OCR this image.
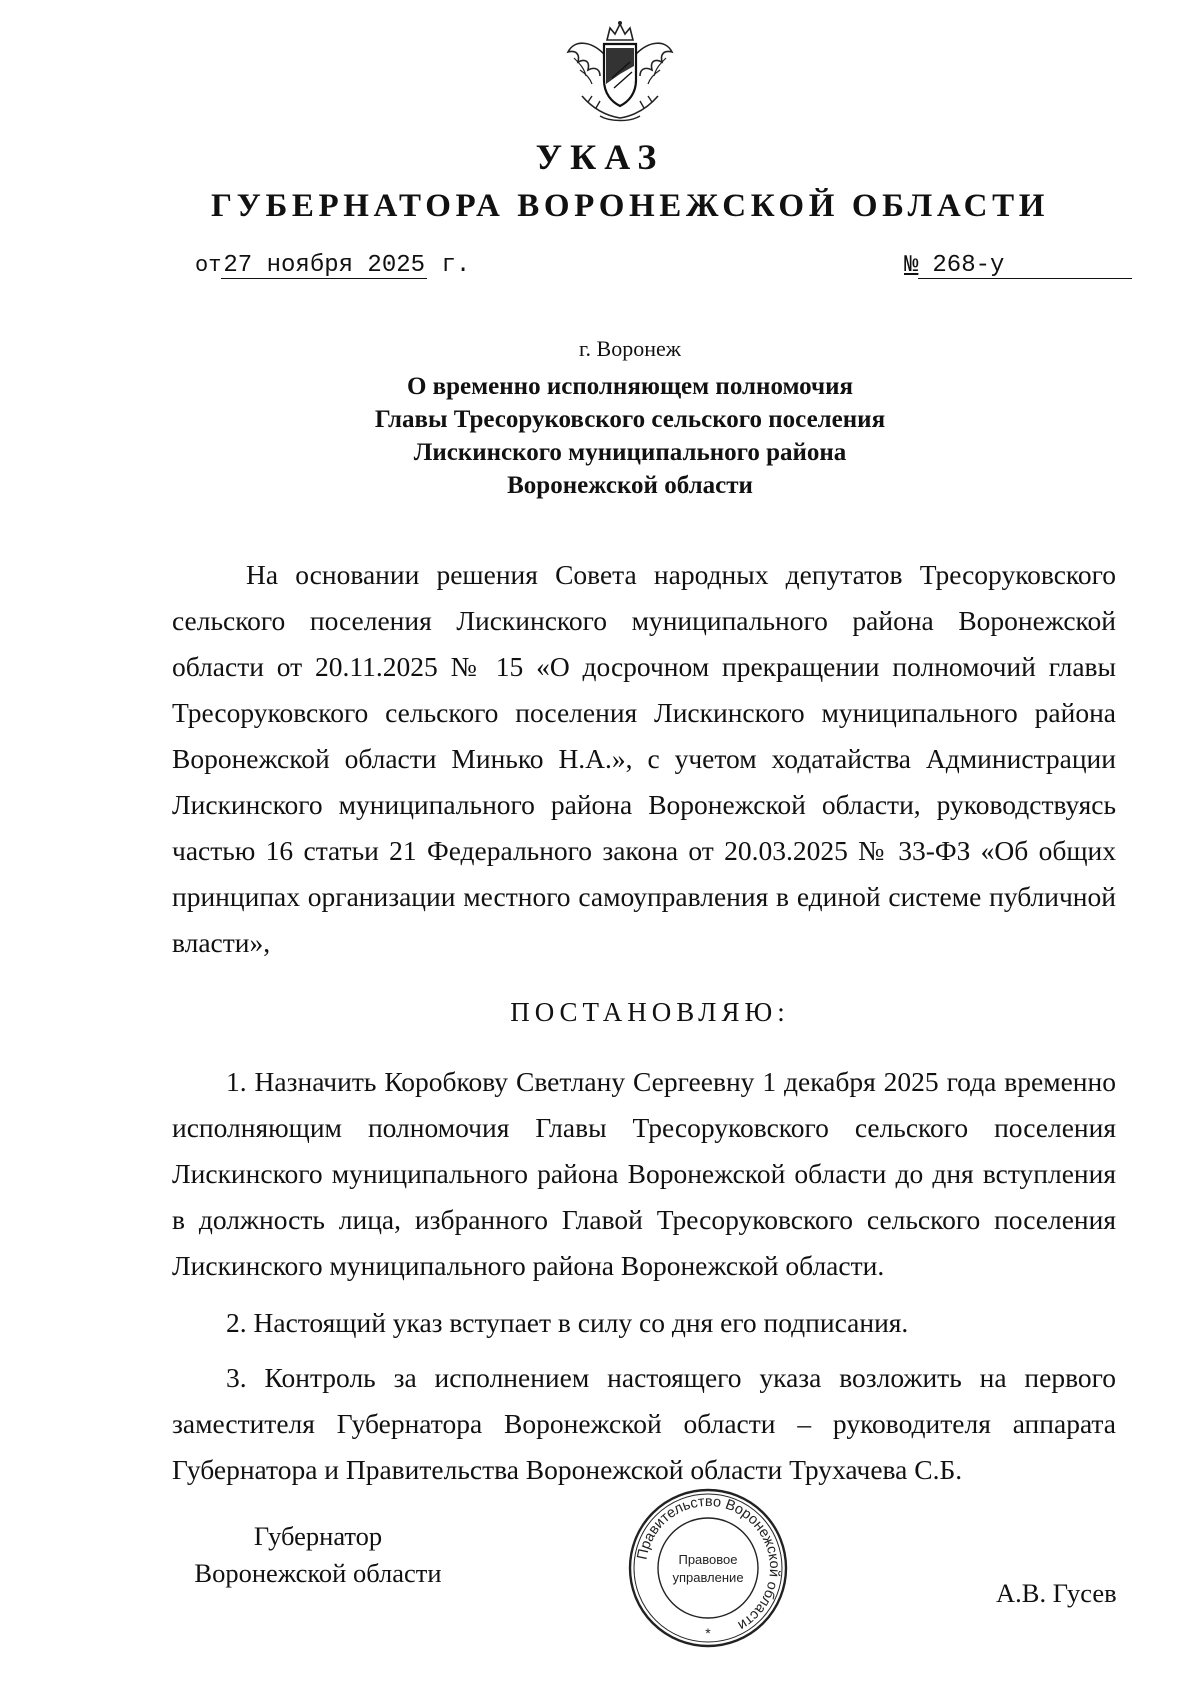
УКАЗ
ГУБЕРНАТОРА ВОРОНЕЖСКОЙ ОБЛАСТИ
от27 ноября 2025 г.	№ 268-у
г. Воронеж
О временно исполняющем полномочия
Главы Тресоруковского сельского поселения
Лискинского муниципального района
Воронежской области
На основании решения Совета народных депутатов Тресоруковского сельского поселения Лискинского муниципального района Воронежской области от 20.11.2025 № 15 «О досрочном прекращении полномочий главы Тресоруковского сельского поселения Лискинского муниципального района Воронежской области Минько Н.А.», с учетом ходатайства Администрации Лискинского муниципального района Воронежской области, руководствуясь частью 16 статьи 21 Федерального закона от 20.03.2025 № 33-ФЗ «Об общих принципах организации местного самоуправления в единой системе публичной власти»,
ПОСТАНОВЛЯЮ:
1. Назначить Коробкову Светлану Сергеевну 1 декабря 2025 года временно исполняющим полномочия Главы Тресоруковского сельского поселения Лискинского муниципального района Воронежской области до дня вступления в должность лица, избранного Главой Тресоруковского сельского поселения Лискинского муниципального района Воронежской области.
2. Настоящий указ вступает в силу со дня его подписания.
3. Контроль за исполнением настоящего указа возложить на первого заместителя Губернатора Воронежской области – руководителя аппарата Губернатора и Правительства Воронежской области Трухачева С.Б.
Губернатор
Воронежской области
Правительство Воронежской области
Правовое
управление
*
А.В. Гусев
